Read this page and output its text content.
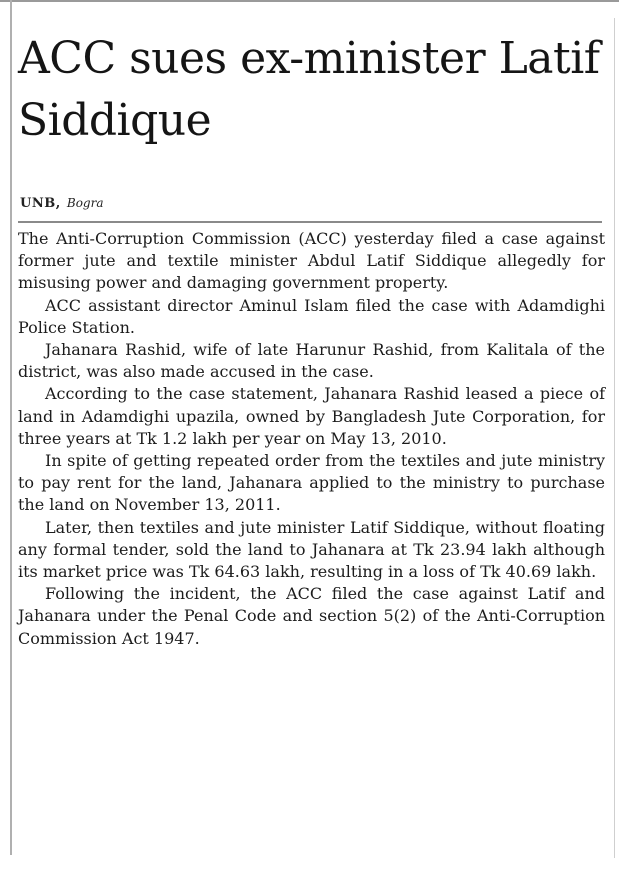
ACC sues ex-minister Latif Siddique
UNB, Bogra

The Anti-Corruption Commission (ACC) yesterday filed a case against former jute and textile minister Abdul Latif Siddique allegedly for misusing power and damaging government property.

ACC assistant director Aminul Islam filed the case with Adamdighi Police Station.

Jahanara Rashid, wife of late Harunur Rashid, from Kalitala of the district, was also made accused in the case.

According to the case statement, Jahanara Rashid leased a piece of land in Adamdighi upazila, owned by Bangladesh Jute Corporation, for three years at Tk 1.2 lakh per year on May 13, 2010.

In spite of getting repeated order from the textiles and jute ministry to pay rent for the land, Jahanara applied to the ministry to purchase the land on November 13, 2011.

Later, then textiles and jute minister Latif Siddique, without floating any formal tender, sold the land to Jahanara at Tk 23.94 lakh although its market price was Tk 64.63 lakh, resulting in a loss of Tk 40.69 lakh.

Following the incident, the ACC filed the case against Latif and Jahanara under the Penal Code and section 5(2) of the Anti-Corruption Commission Act 1947.
